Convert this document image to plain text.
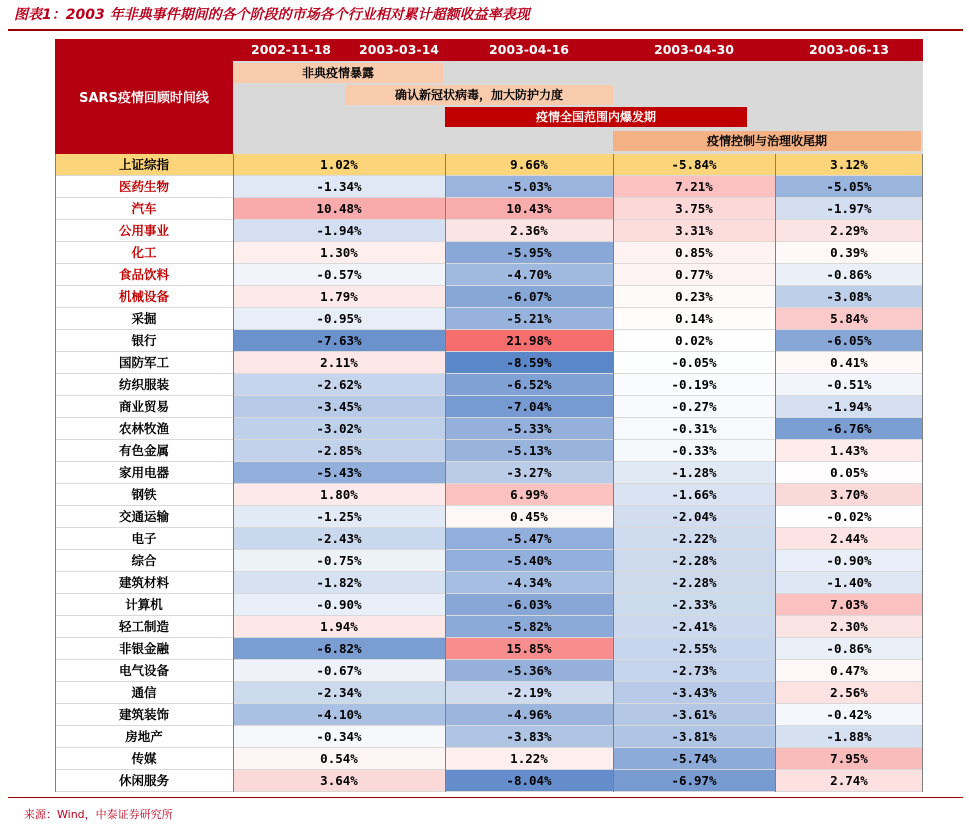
图表1：2003 年非典事件期间的各个阶段的市场各个行业相对累计超额收益率表现
2002-11-18	2003-03-14	2003-04-16	2003-04-30	2003-06-13
SARS疫情回顾时间线
非典疫情暴露
确认新冠状病毒，加大防护力度
疫情全国范围内爆发期
疫情控制与治理收尾期
上证综指	1.02%	9.66%	-5.84%	3.12%
医药生物	-1.34%	-5.03%	7.21%	-5.05%
汽车	10.48%	10.43%	3.75%	-1.97%
公用事业	-1.94%	2.36%	3.31%	2.29%
化工	1.30%	-5.95%	0.85%	0.39%
食品饮料	-0.57%	-4.70%	0.77%	-0.86%
机械设备	1.79%	-6.07%	0.23%	-3.08%
采掘	-0.95%	-5.21%	0.14%	5.84%
银行	-7.63%	21.98%	0.02%	-6.05%
国防军工	2.11%	-8.59%	-0.05%	0.41%
纺织服装	-2.62%	-6.52%	-0.19%	-0.51%
商业贸易	-3.45%	-7.04%	-0.27%	-1.94%
农林牧渔	-3.02%	-5.33%	-0.31%	-6.76%
有色金属	-2.85%	-5.13%	-0.33%	1.43%
家用电器	-5.43%	-3.27%	-1.28%	0.05%
钢铁	1.80%	6.99%	-1.66%	3.70%
交通运输	-1.25%	0.45%	-2.04%	-0.02%
电子	-2.43%	-5.47%	-2.22%	2.44%
综合	-0.75%	-5.40%	-2.28%	-0.90%
建筑材料	-1.82%	-4.34%	-2.28%	-1.40%
计算机	-0.90%	-6.03%	-2.33%	7.03%
轻工制造	1.94%	-5.82%	-2.41%	2.30%
非银金融	-6.82%	15.85%	-2.55%	-0.86%
电气设备	-0.67%	-5.36%	-2.73%	0.47%
通信	-2.34%	-2.19%	-3.43%	2.56%
建筑装饰	-4.10%	-4.96%	-3.61%	-0.42%
房地产	-0.34%	-3.83%	-3.81%	-1.88%
传媒	0.54%	1.22%	-5.74%	7.95%
休闲服务	3.64%	-8.04%	-6.97%	2.74%
来源：Wind，中泰证券研究所
